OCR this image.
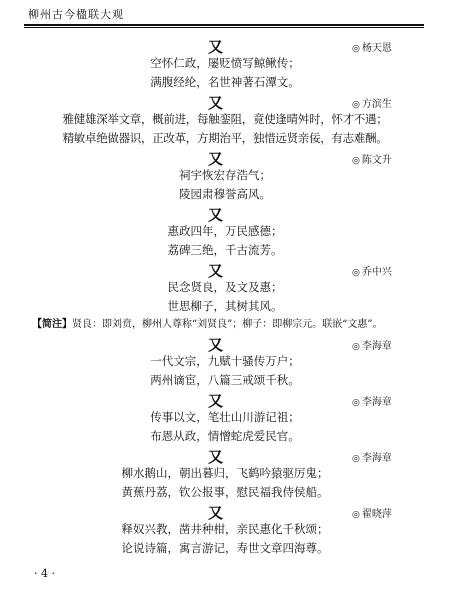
柳州古今楹联大观
又	◎ 杨天恩
空怀仁政，屡贬愤写鲸鳅传；
满腹经纶，名世神著石潭文。
又	◎ 方滨生
雅健雄深举文章，概前进，每触銮阻，竟使逢晴舛时，怀才不遇；
精敏卓绝做器识，正改革，方期治平，独惜远贤亲佞，有志难酬。
又	◎ 陈文升
祠宇恢宏存浩气；
陵园肃穆誉高风。
又
惠政四年，万民感德；
荔碑三绝，千古流芳。
又	◎ 乔中兴
民念贤良，及文及惠；
世思柳子，其树其风。
【简注】贤良：即刘贲，柳州人尊称“刘贤良”；柳子：即柳宗元。联嵌“文惠”。
又	◎ 李海章
一代文宗，九赋十骚传万户；
两州谪宦，八篇三戒颂千秋。
又	◎ 李海章
传事以文，笔壮山川游记祖；
布恩从政，情憎蛇虎爱民官。
又	◎ 李海章
柳水鹅山，朝出暮归，飞鹤吟猿驱厉鬼；
黄蕉丹荔，钦公报事，慰民福我侍侯船。
又	◎ 翟晓萍
释奴兴教，凿井种柑，亲民惠化千秋颂；
论说诗篇，寓言游记，寿世文章四海尊。
· 4 ·
